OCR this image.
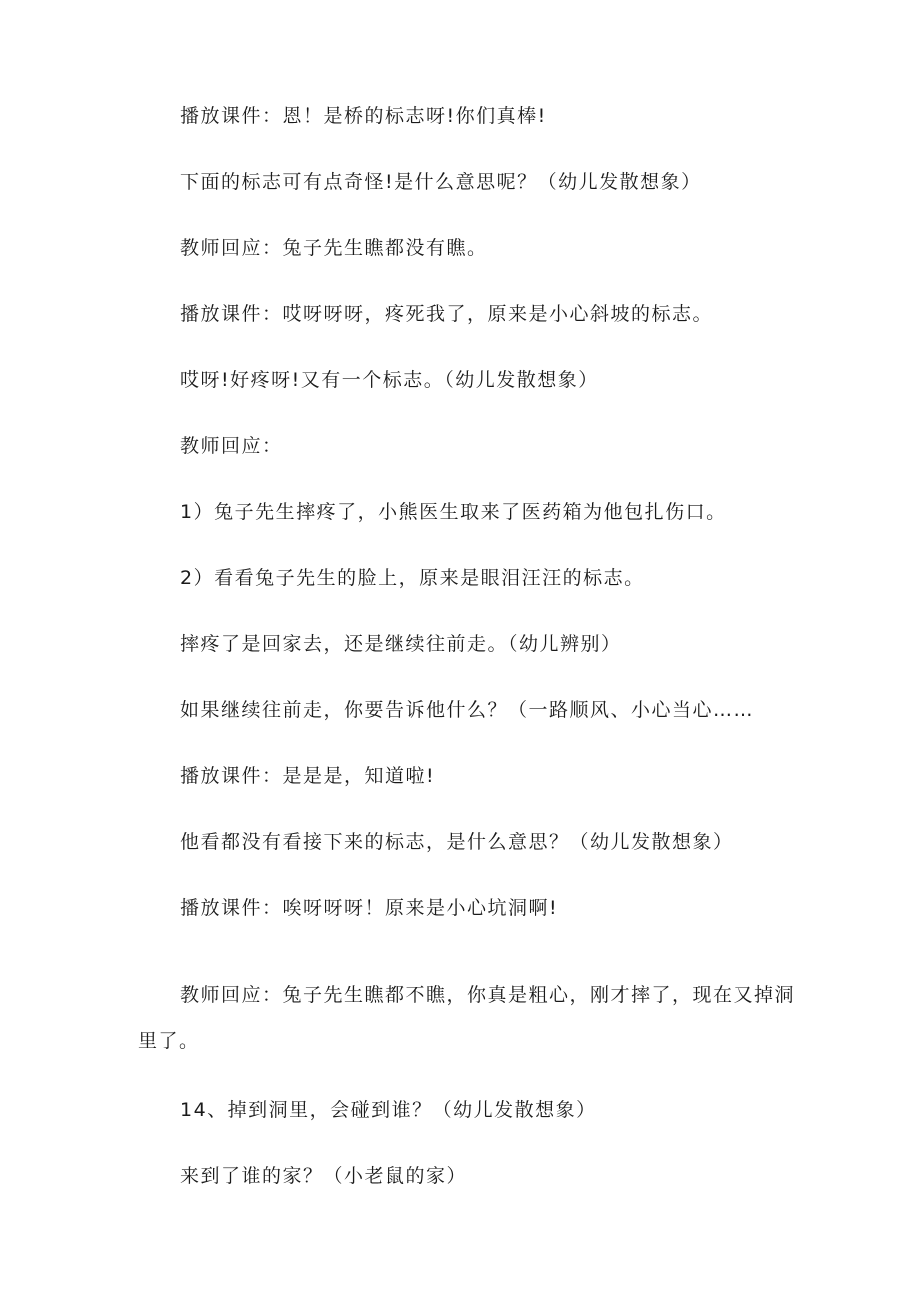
播放课件：恩！是桥的标志呀!你们真棒!
下面的标志可有点奇怪!是什么意思呢？（幼儿发散想象）
教师回应：兔子先生瞧都没有瞧。
播放课件：哎呀呀呀，疼死我了，原来是小心斜坡的标志。
哎呀!好疼呀!又有一个标志。（幼儿发散想象）
教师回应：
1）兔子先生摔疼了，小熊医生取来了医药箱为他包扎伤口。
2）看看兔子先生的脸上，原来是眼泪汪汪的标志。
摔疼了是回家去，还是继续往前走。（幼儿辨别）
如果继续往前走，你要告诉他什么？（一路顺风、小心当心……
播放课件：是是是，知道啦!
他看都没有看接下来的标志，是什么意思？（幼儿发散想象）
播放课件：唉呀呀呀！原来是小心坑洞啊!
教师回应：兔子先生瞧都不瞧，你真是粗心，刚才摔了，现在又掉洞
里了。
14、掉到洞里，会碰到谁？（幼儿发散想象）
来到了谁的家？（小老鼠的家）
